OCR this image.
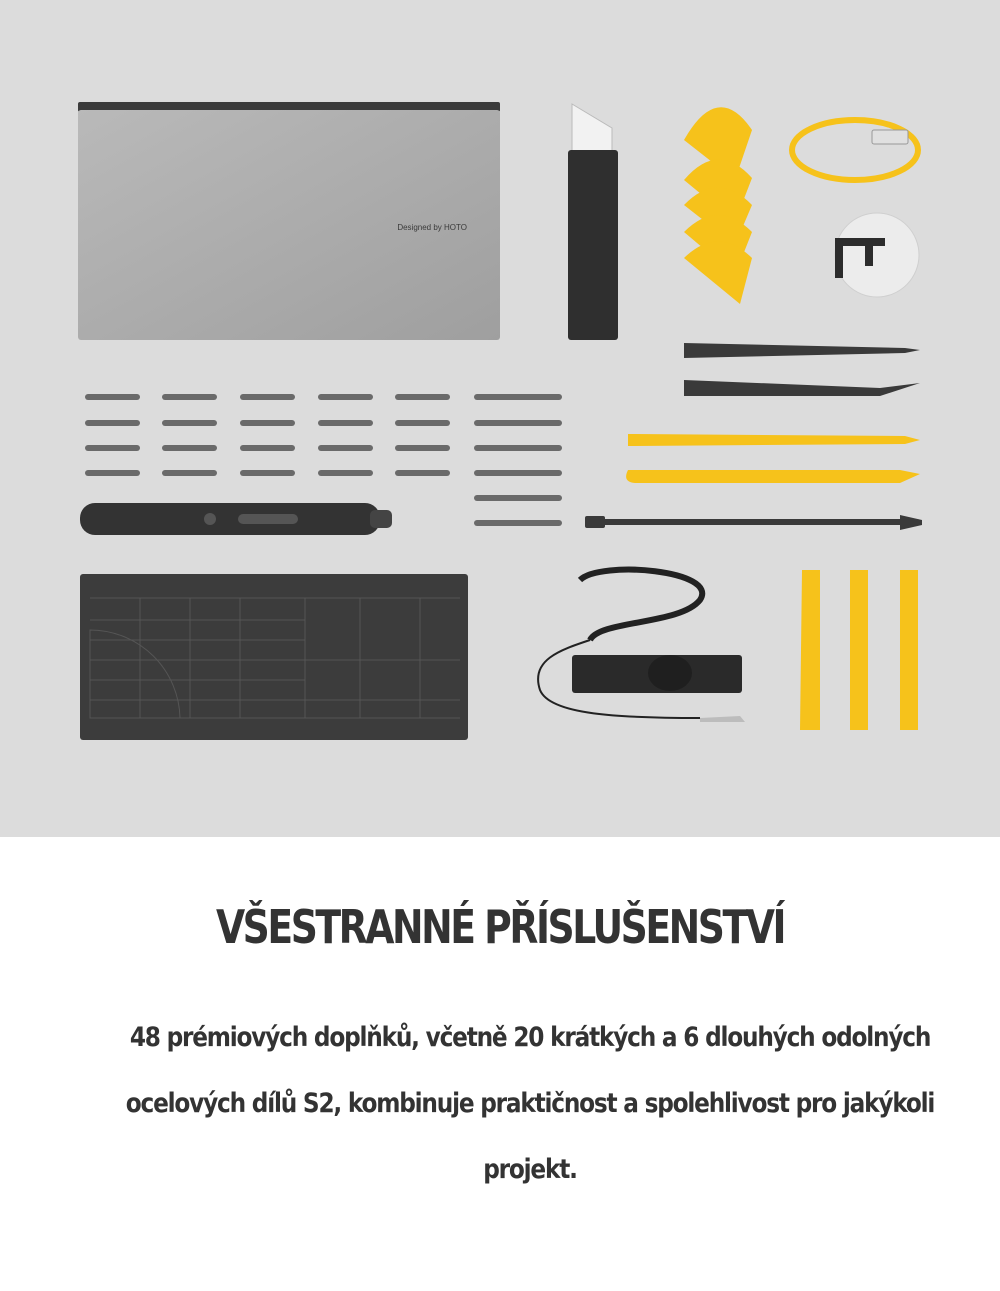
Designed by HOTO
VŠESTRANNÉ PŘÍSLUŠENSTVÍ
48 prémiových doplňků, včetně 20 krátkých a 6 dlouhých odolných ocelových dílů S2, kombinuje praktičnost a spolehlivost pro jakýkoli projekt.
